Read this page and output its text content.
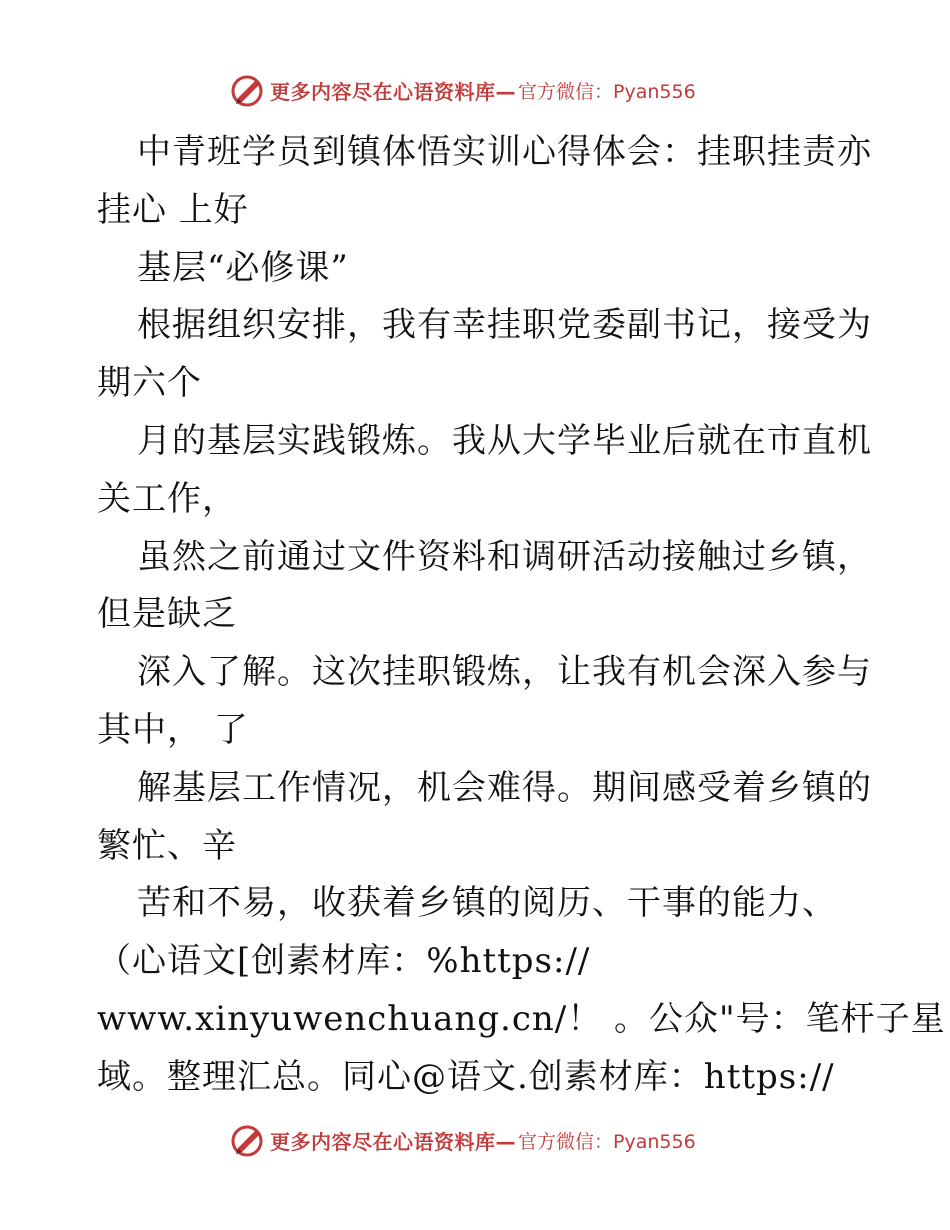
更多内容尽在心语资料库— 官方微信：Pyan556
中青班学员到镇体悟实训心得体会：挂职挂责亦
挂心 上好
基层“必修课”
根据组织安排，我有幸挂职党委副书记，接受为
期六个
月的基层实践锻炼。我从大学毕业后就在市直机
关工作，
虽然之前通过文件资料和调研活动接触过乡镇，
但是缺乏
深入了解。这次挂职锻炼，让我有机会深入参与
其中， 了
解基层工作情况，机会难得。期间感受着乡镇的
繁忙、辛
苦和不易，收获着乡镇的阅历、干事的能力、
（心语文[创素材库：%https://
www.xinyuwenchuang.cn/！ 。公众"号：笔杆子星
域。整理汇总。同心@语文.创素材库：https://
更多内容尽在心语资料库— 官方微信：Pyan556
